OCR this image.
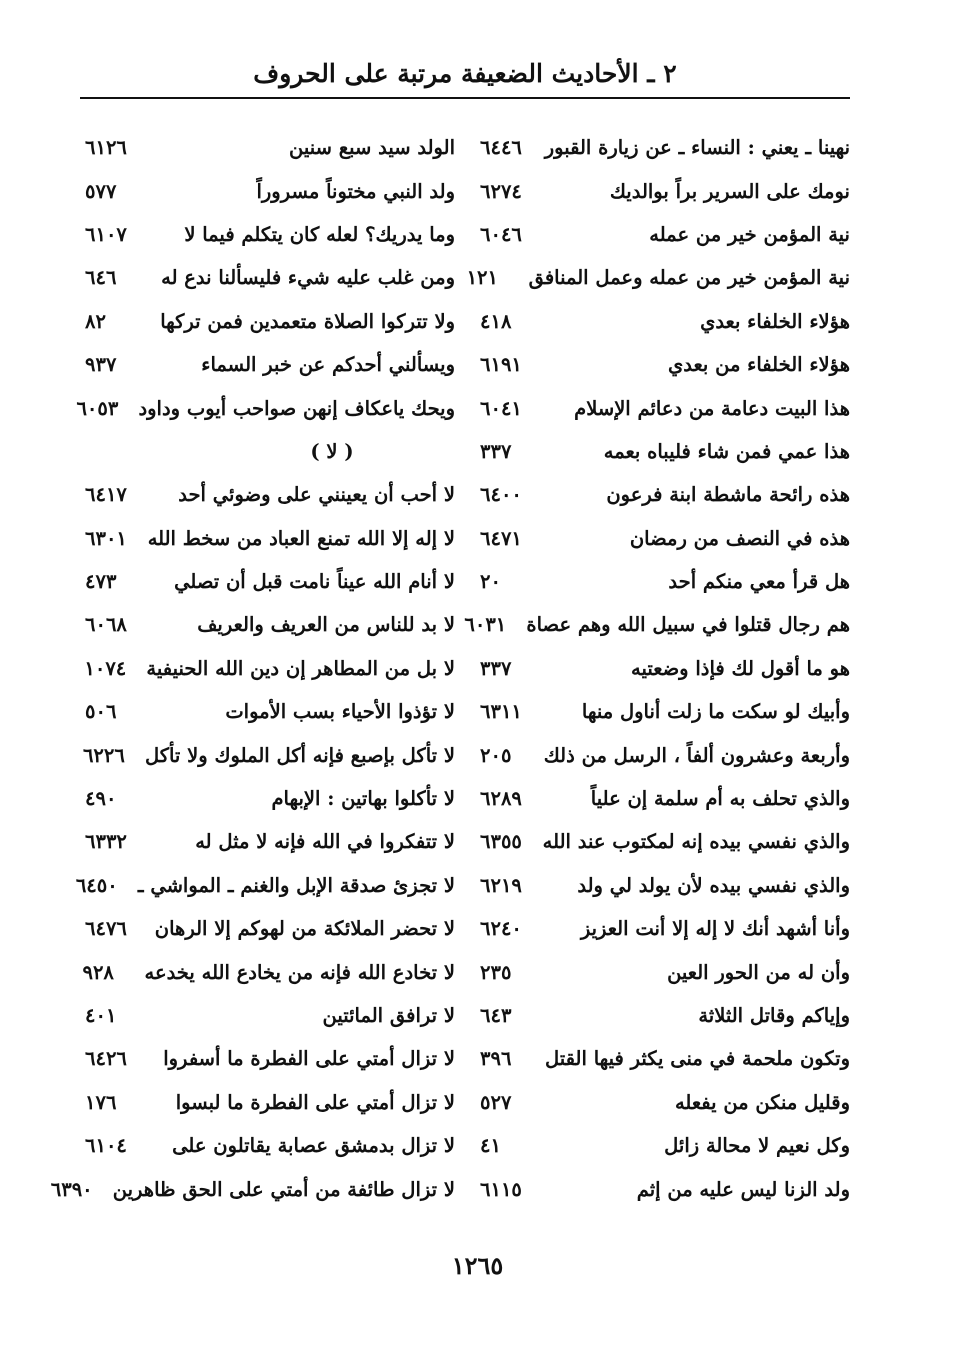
٢ ـ الأحاديث الضعيفة مرتبة على الحروف
نهينا ـ يعني : النساء ـ عن زيارة القبور
٦٤٤٦
نومك على السرير براً بوالديك
٦٢٧٤
نية المؤمن خير من عمله
٦٠٤٦
نية المؤمن خير من عمله وعمل المنافق
١٢١
هؤلاء الخلفاء بعدي
٤١٨
هؤلاء الخلفاء من بعدي
٦١٩١
هذا البيت دعامة من دعائم الإسلام
٦٠٤١
هذا عمي فمن شاء فليباه بعمه
٣٣٧
هذه رائحة ماشطة ابنة فرعون
٦٤٠٠
هذه في النصف من رمضان
٦٤٧١
هل قرأ معي منكم أحد
٢٠
هم رجال قتلوا في سبيل الله وهم عصاة
٦٠٣١
هو ما أقول لك فإذا وضعتيه
٣٣٧
وأبيك لو سكت ما زلت أناول منها
٦٣١١
وأربعة وعشرون ألفاً ، الرسل من ذلك
٢٠٥
والذي تحلف به أم سلمة إن علياً
٦٢٨٩
والذي نفسي بيده إنه لمكتوب عند الله
٦٣٥٥
والذي نفسي بيده لأن يولد لي ولد
٦٢١٩
وأنا أشهد أنك لا إله إلا أنت العزيز
٦٢٤٠
وأن له من الحور العين
٢٣٥
وإياكم وقاتل الثلاثة
٦٤٣
وتكون ملحمة في منى يكثر فيها القتل
٣٩٦
وقليل منكن من يفعله
٥٢٧
وكل نعيم لا محالة زائل
٤١
ولد الزنا ليس عليه من إثم
٦١١٥
الولد سيد سبع سنين
٦١٢٦
ولد النبي مختوناً مسروراً
٥٧٧
وما يدريك؟ لعله كان يتكلم فيما لا
٦١٠٧
ومن غلب عليه شيء فليسألنا ندع له
٦٤٦
ولا تتركوا الصلاة متعمدين فمن تركها
٨٢
ويسألني أحدكم عن خبر السماء
٩٣٧
ويحك ياعكاف إنهن صواحب أيوب وداود
٦٠٥٣
( لا )
لا أحب أن يعينني على وضوئي أحد
٦٤١٧
لا إله إلا الله تمنع العباد من سخط الله
٦٣٠١
لا أنام الله عيناً نامت قبل أن تصلي
٤٧٣
لا بد للناس من العريف والعريف
٦٠٦٨
لا بل من المطاهر إن دين الله الحنيفية
١٠٧٤
لا تؤذوا الأحياء بسب الأموات
٥٠٦
لا تأكل بإصبع فإنه أكل الملوك ولا تأكل
٦٢٢٦
لا تأكلوا بهاتين : الإبهام
٤٩٠
لا تتفكروا في الله فإنه لا مثل له
٦٣٣٢
لا تجزئ صدقة الإبل والغنم ـ المواشي ـ
٦٤٥٠
لا تحضر الملائكة من لهوكم إلا الرهان
٦٤٧٦
لا تخادع الله فإنه من يخادع الله يخدعه
٩٢٨
لا ترافق المائتين
٤٠١
لا تزال أمتي على الفطرة ما أسفروا
٦٤٢٦
لا تزال أمتي على الفطرة ما لبسوا
١٧٦
لا تزال بدمشق عصابة يقاتلون على
٦١٠٤
لا تزال طائفة من أمتي على الحق ظاهرين
٦٣٩٠
١٢٦٥
